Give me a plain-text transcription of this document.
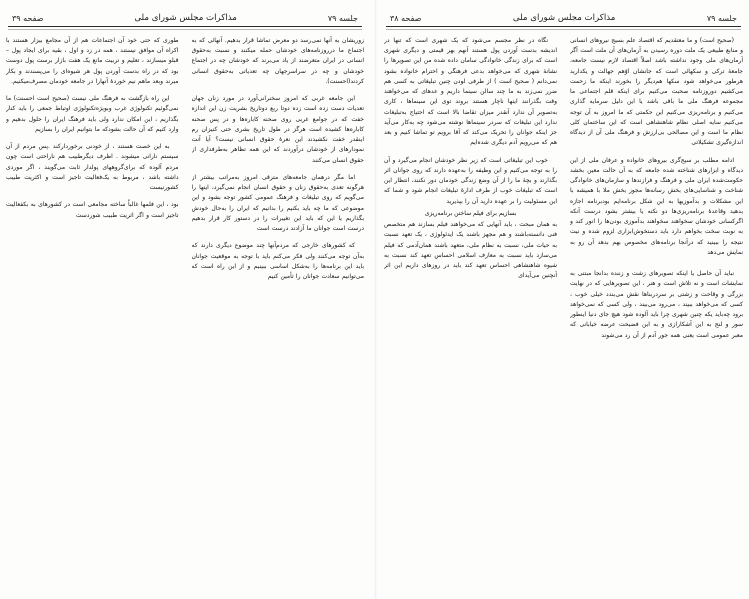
جلسه ۷۹
مذاکرات مجلس شورای ملی
صفحه ۳۸

(صحیح است) و ما معتقدیم که اقتصاد علم بسیج نیروهای انسانی و منابع طبیعی یک ملت دوره رسیدن به آرمان‌های آن ملت است آگر آرمان‌های ملی وجود نداشته باشد اصلاً اقتصاد لازم نیست جامعه، جامعه‌ٔ ترکی و سکهائی است که جانشان اوّهم جهالت و یکدارید هرطور می‌خواهد شود سکها هم‌دیگر را بخورند اینکه ما زحمت می‌کشیم دوروزنامه صحبت می‌کنیم برای اینکه قلم اجتماعی ما مجموعه فرهنگ ملی ما باقی باشد یا این دلیل سرمایه گذاری می‌کنیم و برنامه‌ریزی می‌کنیم این حکمتی که ما امروز به آن توجه می‌کنیم سایه اصلی نظام شاهنشاهی است که این ساختمان کلی نظام ما است و این مصالحی بی‌ارزش و فرهنگ ملی آن از دیدگاه اندازه‌گیری تشکیلاتی

ادامه مطلب بر سیج‌گری بیروهای خانواده و عرفان ملی از این دیدگاه و ابزارهای شناخته شده جامعه که به آن حالت معین بخشد حکومت‌شده ایران ملی و فرهنگ و فرازندها و سازمان‌های خانوادگی شناخت و شناسایی‌های بخش رسانه‌ها مجوز بخش ملا با همیشه با این مشکلات و بدآموزیها به این شکل برنامه‌ایم بودبرنامه اجازه بدهید وقاعدهٔ برنامه‌ریزی‌ها دو نکته یا بیشتر بشود درست آنکه اگرکسانی خودشان سخواهند سخواهند بدآموزی بودن‌ها را انور کند و به نوبت سخت بخواهم دارد باید دستخوش‌ابزاری لزوم شده و نیت نتیجه را ببینید که درآنجا برنامه‌های مخصوص بهم بدهد آن رو به نمایش می‌دهد

نباید آن حاصل یا اینکه تصویرهای زشت و زننده بدانجا مبتنی به نمایشات است و نه تلاش است و هنر ، این تصویرهایی که در نهایت بزرگی و وقاحت و زشتی بر سردربناها نقش می‌بندد خیلی خوب ، کسی که می‌خواهد ببیند ، می‌رود می‌بیند ، ولی کسی که نمی‌خواهد برود چه‌باید یکه چنین شهری چرا باید آلوده شود هیچ جای دنیا اینطور سور و لنج به این آشکارازی و به این فضیحت عرضه خیابانی که معبر عمومی است یعنی همه جور آدم از آن رد می‌شوند

نگاه در نظر مجسم می‌شود که یک شهری است که تنها در اندیشه بدست آوردن پول هستند آنهم بهر قیمتی و دیگری شهری است که برای زندگی خانوادگی سامان داده شده من این تصویرها را نشانهٔ شهری که می‌خواهد بدعی فرهنگی و احترام خانواده بشود نمی‌دانم ( صحیح است ) از طرفی لودن چنین تبلیغاتی به کسی هم ضرر نمی‌زند به ما چند سالن سینما داریم و عدهای که می‌خواهند وقت بگذرانند اینها ناچار هستند بروند توی این سینماها ، کاری به‌تصویر آن ندارد آنقدر میزان تقاضا بالا است که احتیاج به‌تبلیغات ندارد این تبلیغات که سردر سینماها نوشته می‌شود چه به‌کار می‌آید جز اینکه جوانان را تحریک می‌کند که آقا برویم تو تماشا کنیم و بعد هم که می‌رویم آدم دیگری شده‌ایم

خوب این تبلیغاتی است که زیر نظر خودشان انجام می‌گیرد و آن را به توجه می‌کنیم و این وظیفه را به‌عهده دارند که روی جوانان اثر بگذارند و بچهٔ ما را از آن وضع زندگی خودمان دور نکنند، انتظار این است که تبلیغات خوب از طرف ادارهٔ تبلیغات انجام شود و شما که این مسئولیت را بر عهده دارید آن را بپذیرید

بسازیم برای فیلم ساختن برنامه‌ریزی

به همان مبحث ، باید آنهایی که می‌خواهند فیلم بسازند هم متخصص فنی دانسته‌باشند و هم مجهز باشند یک ایدئولوژی ، یک تعهد نسبت به حیات ملی، نسبت به نظام ملی، متعهد باشند همان‌آدمی که فیلم می‌سازد باید نسبت به معارف اسلامی احساس تعهد کند نسبت به شیوه شاهنشاهی احساس تعهد کند باید در روزهای داریم این اثر آنچنین می‌آیدای

جلسه ۷۹
مذاکرات مجلس شورای ملی
صفحه ۳۹

زوریشان به آنها نمی‌رسد دو معرض تماشا قرار بدهیم. آنهائی که به اجتماع ما درروزنامه‌های خودشان حمله میکنند و نسبت به‌حقوق انسانی در ایران متعرضند از یاد می‌برند که خودشان چه در اجتماع خودشان و چه در سراسرجهان چه تعدیاتی به‌حقوق انسانی کردند(احسنت).

این جامعه غربی که امروز سخنرانی‌آورد در مورد زنان جهان تعدیات دست زده است زده دوتا ربع دوتاریخ بشریت زن این اندازه خفت که در جوامع غربی روی صحنه کاباره‌ها و در پس صحنه کاباره‌ها کشیده است هرگز در طول تاریخ بشری حتی کنیزان رم اینقدر خفت نکشیدند این نعرهٔ حقوق انسانی نیست؟ آیا آنت نمودارهای از خودشان درآوردند که این همه تظاهر به‌طرفداری از حقوق انسان می‌کنند

اما مگر درهمان جامعه‌های مترقی امروز به‌مراتب بیشتر از هرگونه تعدی به‌حقوق زنان و حقوق انسان انجام نمی‌گیرد، اینها را می‌گویم که روی تبلیغات و فرهنگ عمومی کشور توجه بشود و این موضوعی که ما چه باید بکنیم را بدانیم که ایران را به‌حال خودش بگذاریم یا این که باید این تغییرات را در دستور کار قرار بدهیم درست است جوانان ما آزادند درست است

که کشورهای خارجی که مردم‌آنها چند موضوع دیگری دارند که به‌آن توجه می‌کنند ولی فکر می‌کنم باید با توجه به موقعیت جوانان باید این برنامه‌ها را به‌شکل اساسی ببینیم و از این راه است که می‌توانیم سعادت جوانان را تأمین کنیم

طوری که حتی خود آن اجتماعات هم از آن مجامع بیزار هستند با اکراه آن موافق نیستند ، همه در زد و اول ، بقیه برای ایجاد پول – قبلو میسازند ، تعلیم و تربیت مانع یک هفت بازار برست پول دوست بود که در راه بدست آوردن پول هر شیوه‌ای را می‌پسندند و بکار مبرند وبعد ماهم نیم خوردهٔ آنهارا در جامعه خودمان مصرف‌میکنیم.

این راه بازگشت به فرهنگ ملی نیست (صحیح است احسنت) ما نمی‌گوئیم تکنولوژی غرب وبویژه‌تکنولوژی اوتباط جمعی را باید کنار بگذاریم ، این امکان ندارد ولی باید فرهنگ ایران را حلول بدهیم و وارد کنیم که آن حالت بشودکه ما بتوانیم ایران را بسازیم

به این خصت هستند ، از خودنی برخوردارکند .پس مردم از آن سیستم نارانی میشوند . اظرف دیگرطبیب هم ناراحتی است چون مردم آلوده که برای‌گروههای پولدار ثابت می‌گویند ، اگر موردی داشته باشد ، مربوط به یک‌فعالیت تاجیز است و اکثریت طبیب کشورنیست

بود ، این فلمها غالباً ساخته مجامعی است در کشورهای به بکفعالیت تاجیز است و اگر اثریت طبیب شوردست
